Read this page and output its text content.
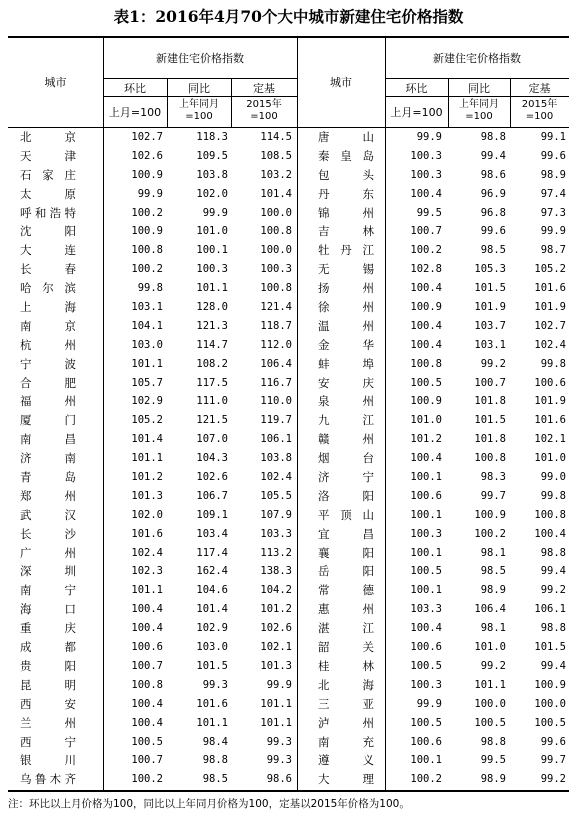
表1：2016年4月70个大中城市新建住宅价格指数
城市
新建住宅价格指数
环比	同比	定基
上月=100
上年同月=100
2015年=100
城市
新建住宅价格指数
环比	同比	定基
上月=100
上年同月=100
2015年=100
北京	102.7	118.3	114.5 唐山	99.9	98.8	99.1
天津	102.6	109.5	108.5 秦皇岛	100.3	99.4	99.6
石家庄	100.9	103.8	103.2 包头	100.3	98.6	98.9
太原	99.9	102.0	101.4 丹东	100.4	96.9	97.4
呼和浩特	100.2	99.9	100.0 锦州	99.5	96.8	97.3
沈阳	100.9	101.0	100.8 吉林	100.7	99.6	99.9
大连	100.8	100.1	100.0 牡丹江	100.2	98.5	98.7
长春	100.2	100.3	100.3 无锡	102.8	105.3	105.2
哈尔滨	99.8	101.1	100.8 扬州	100.4	101.5	101.6
上海	103.1	128.0	121.4 徐州	100.9	101.9	101.9
南京	104.1	121.3	118.7 温州	100.4	103.7	102.7
杭州	103.0	114.7	112.0 金华	100.4	103.1	102.4
宁波	101.1	108.2	106.4 蚌埠	100.8	99.2	99.8
合肥	105.7	117.5	116.7 安庆	100.5	100.7	100.6
福州	102.9	111.0	110.0 泉州	100.9	101.8	101.9
厦门	105.2	121.5	119.7 九江	101.0	101.5	101.6
南昌	101.4	107.0	106.1 赣州	101.2	101.8	102.1
济南	101.1	104.3	103.8 烟台	100.4	100.8	101.0
青岛	101.2	102.6	102.4 济宁	100.1	98.3	99.0
郑州	101.3	106.7	105.5 洛阳	100.6	99.7	99.8
武汉	102.0	109.1	107.9 平顶山	100.1	100.9	100.8
长沙	101.6	103.4	103.3 宜昌	100.3	100.2	100.4
广州	102.4	117.4	113.2 襄阳	100.1	98.1	98.8
深圳	102.3	162.4	138.3 岳阳	100.5	98.5	99.4
南宁	101.1	104.6	104.2 常德	100.1	98.9	99.2
海口	100.4	101.4	101.2 惠州	103.3	106.4	106.1
重庆	100.4	102.9	102.6 湛江	100.4	98.1	98.8
成都	100.6	103.0	102.1 韶关	100.6	101.0	101.5
贵阳	100.7	101.5	101.3 桂林	100.5	99.2	99.4
昆明	100.8	99.3	99.9 北海	100.3	101.1	100.9
西安	100.4	101.6	101.1 三亚	99.9	100.0	100.0
兰州	100.4	101.1	101.1 泸州	100.5	100.5	100.5
西宁	100.5	98.4	99.3 南充	100.6	98.8	99.6
银川	100.7	98.8	99.3 遵义	100.1	99.5	99.7
乌鲁木齐	100.2	98.5	98.6 大理	100.2	98.9	99.2
注：环比以上月价格为100，同比以上年同月价格为100，定基以2015年价格为100。
